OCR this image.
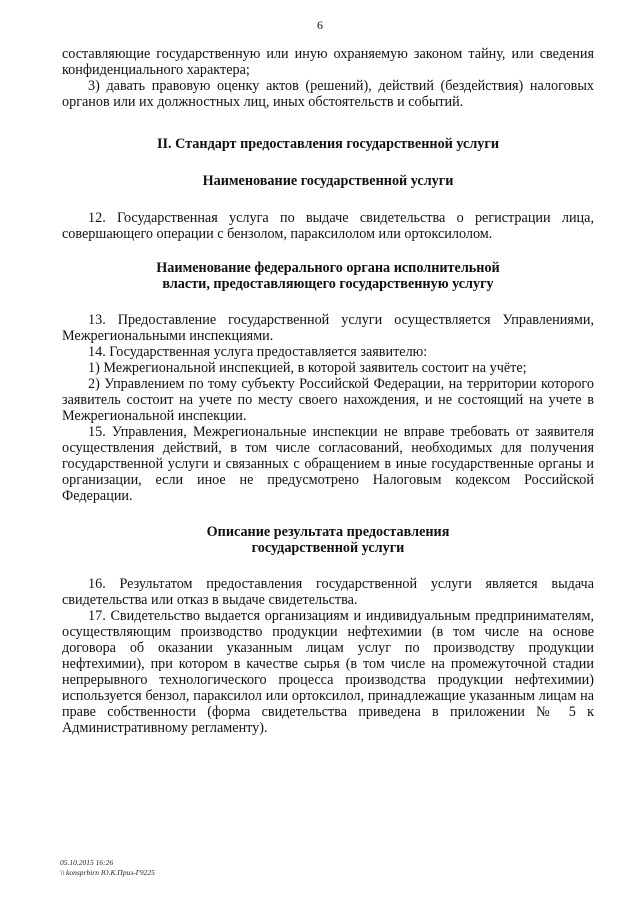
6

составляющие государственную или иную охраняемую законом тайну, или сведения конфиденциального характера;

3) давать правовую оценку актов (решений), действий (бездействия) налоговых органов или их должностных лиц, иных обстоятельств и событий.

II. Стандарт предоставления государственной услуги

Наименование государственной услуги

12. Государственная услуга по выдаче свидетельства о регистрации лица, совершающего операции с бензолом, параксилолом или ортоксилолом.

Наименование федерального органа исполнительной

власти, предоставляющего государственную услугу

13. Предоставление государственной услуги осуществляется Управлениями, Межрегиональными инспекциями.

14. Государственная услуга предоставляется заявителю:

1) Межрегиональной инспекцией, в которой заявитель состоит на учёте;

2) Управлением по тому субъекту Российской Федерации, на территории которого заявитель состоит на учете по месту своего нахождения, и не состоящий на учете в Межрегиональной инспекции.

15. Управления, Межрегиональные инспекции не вправе требовать от заявителя осуществления действий, в том числе согласований, необходимых для получения государственной услуги и связанных с обращением в иные государственные органы и организации, если иное не предусмотрено Налоговым кодексом Российской Федерации.

Описание результата предоставления

государственной услуги

16. Результатом предоставления государственной услуги является выдача свидетельства или отказ в выдаче свидетельства.

17. Свидетельство выдается организациям и индивидуальным предпринимателям, осуществляющим производство продукции нефтехимии (в том числе на основе договора об оказании указанным лицам услуг по производству продукции нефтехимии), при котором в качестве сырья (в том числе на промежуточной стадии непрерывного технологического процесса производства продукции нефтехимии) используется бензол, параксилол или ортоксилол, принадлежащие указанным лицам на праве собственности (форма свидетельства приведена в приложении № 5 к Административному регламенту).

05.10.2015 16:26
\\ konsprbirn Ю.К.Приз-Г9225
